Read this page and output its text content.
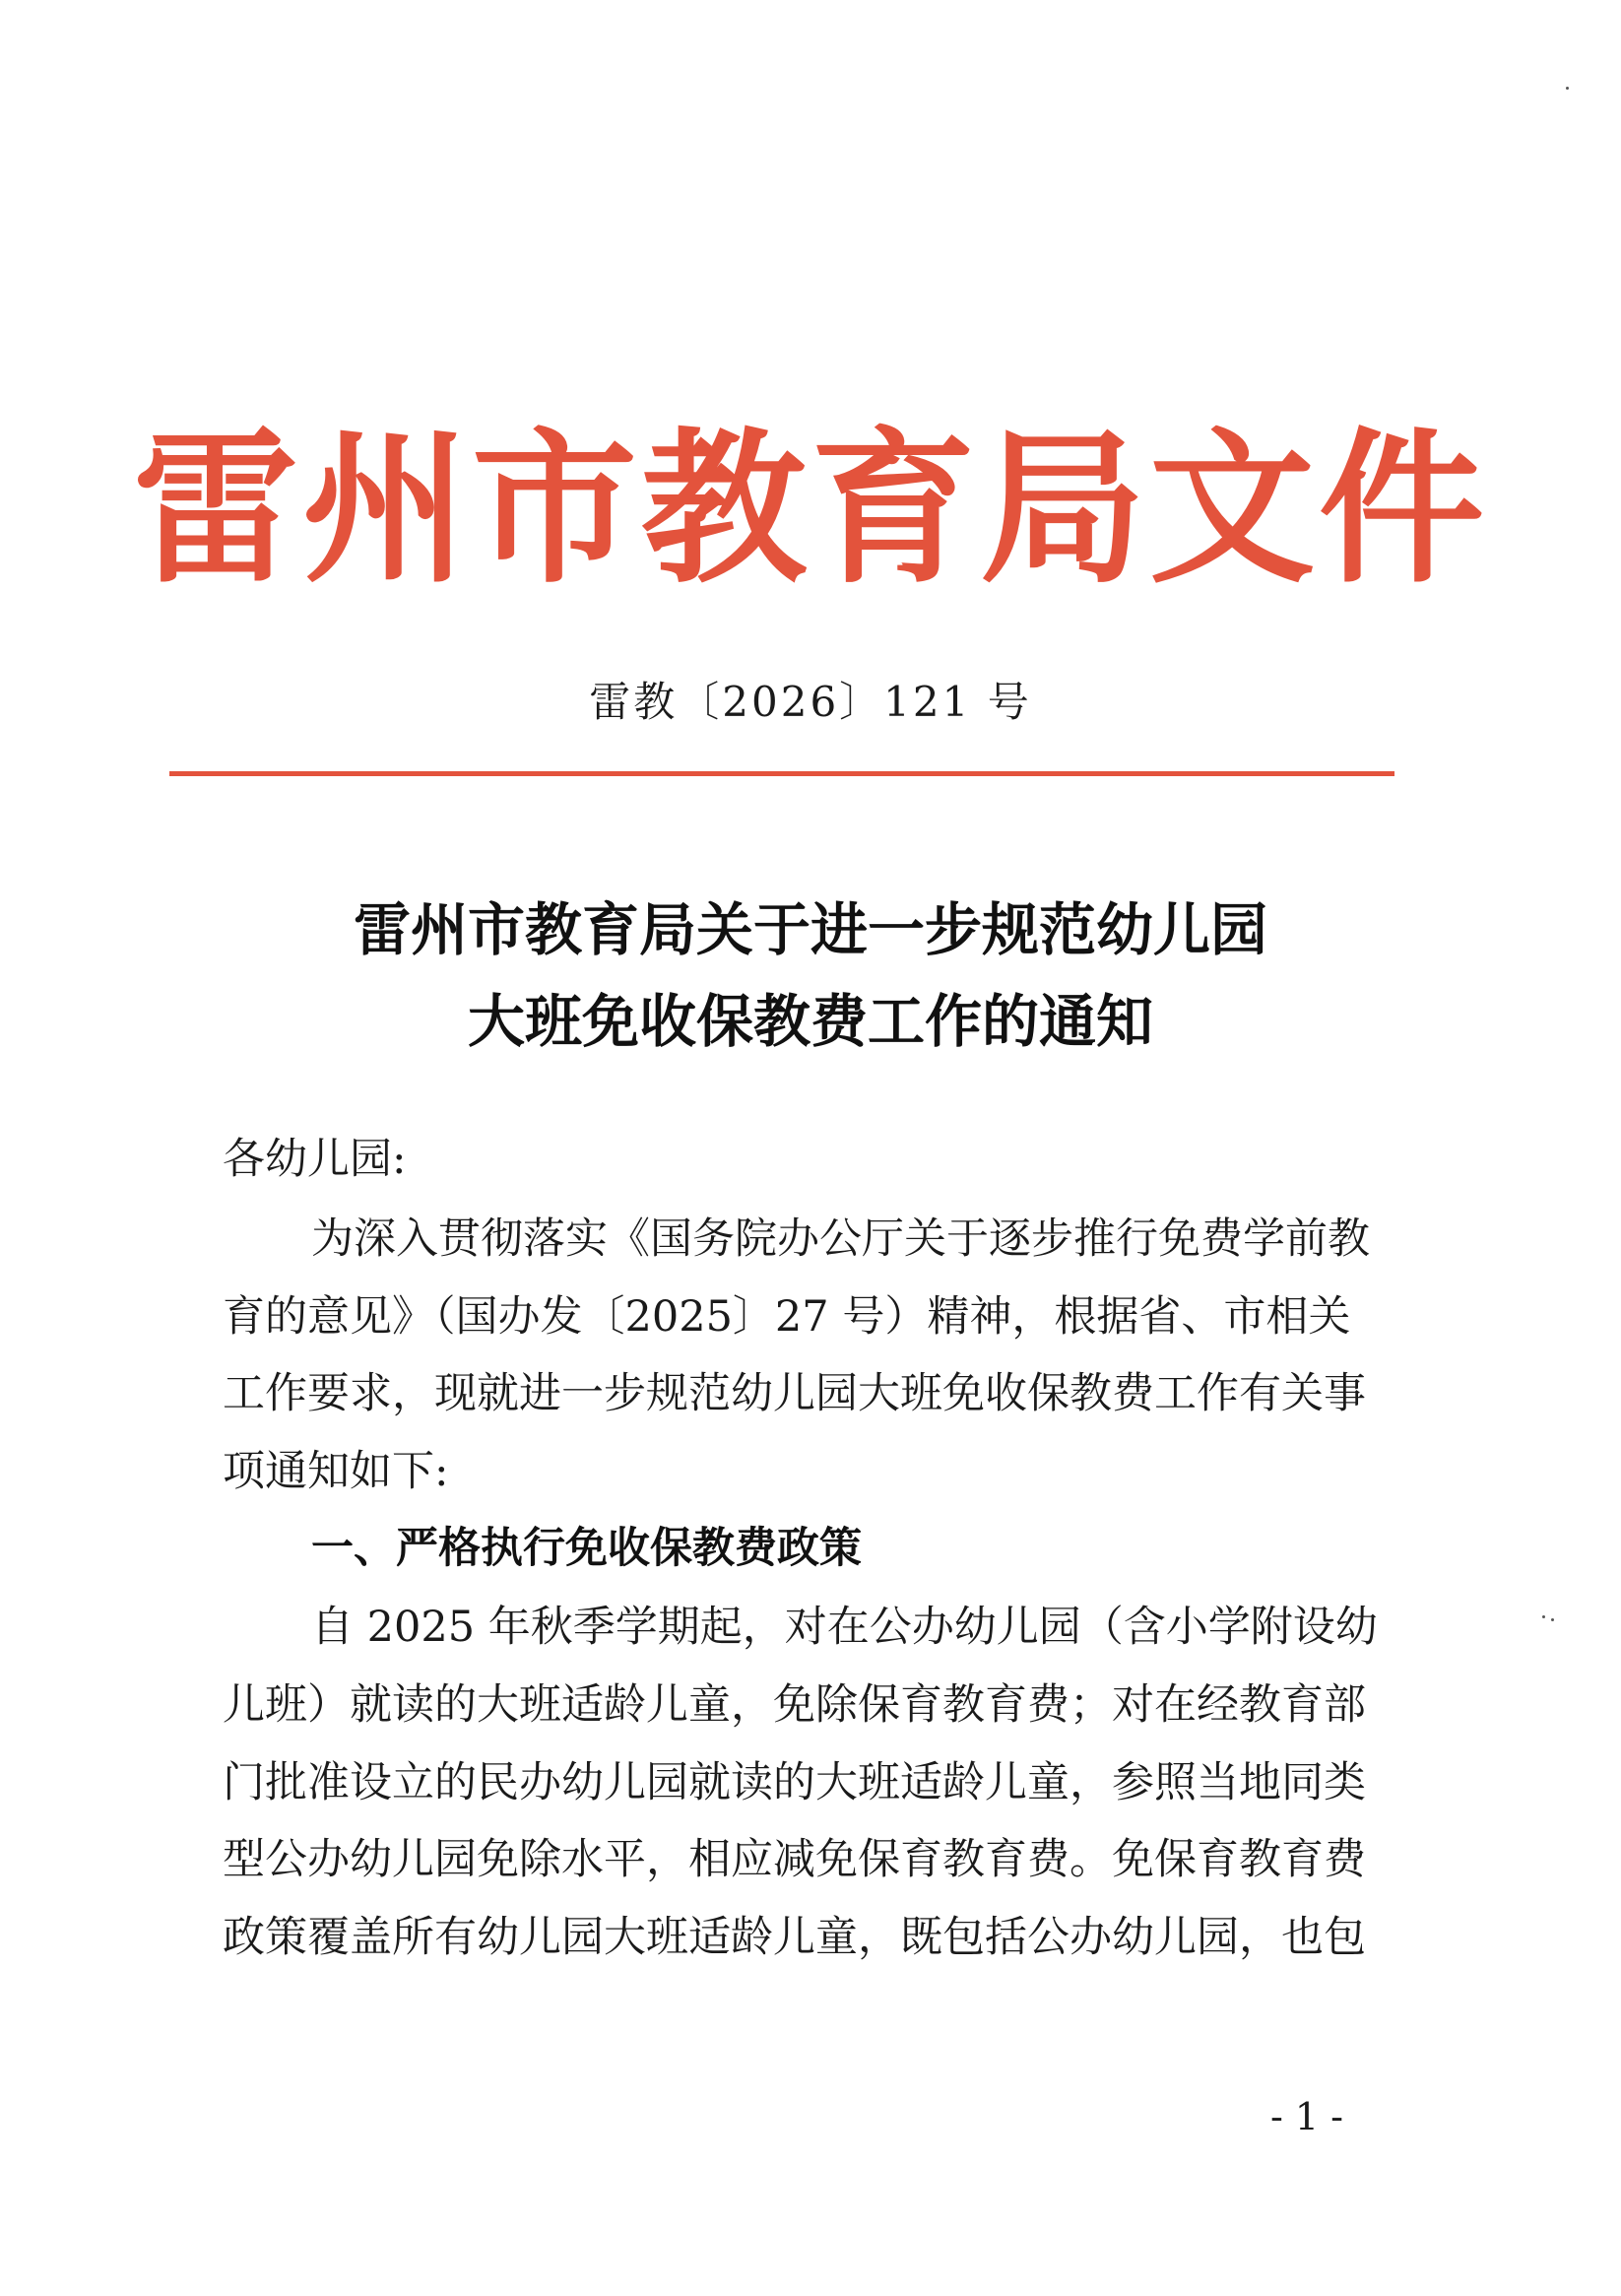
雷州市教育局文件
雷教〔2026〕121 号
雷州市教育局关于进一步规范幼儿园
大班免收保教费工作的通知
各幼儿园:
为深入贯彻落实《国务院办公厅关于逐步推行免费学前教
育的意见》（国办发〔2025〕27 号）精神，根据省、市相关
工作要求，现就进一步规范幼儿园大班免收保教费工作有关事
项通知如下:
一、严格执行免收保教费政策
自 2025 年秋季学期起，对在公办幼儿园（含小学附设幼
儿班）就读的大班适龄儿童，免除保育教育费；对在经教育部
门批准设立的民办幼儿园就读的大班适龄儿童，参照当地同类
型公办幼儿园免除水平，相应减免保育教育费。免保育教育费
政策覆盖所有幼儿园大班适龄儿童，既包括公办幼儿园，也包
- 1 -
